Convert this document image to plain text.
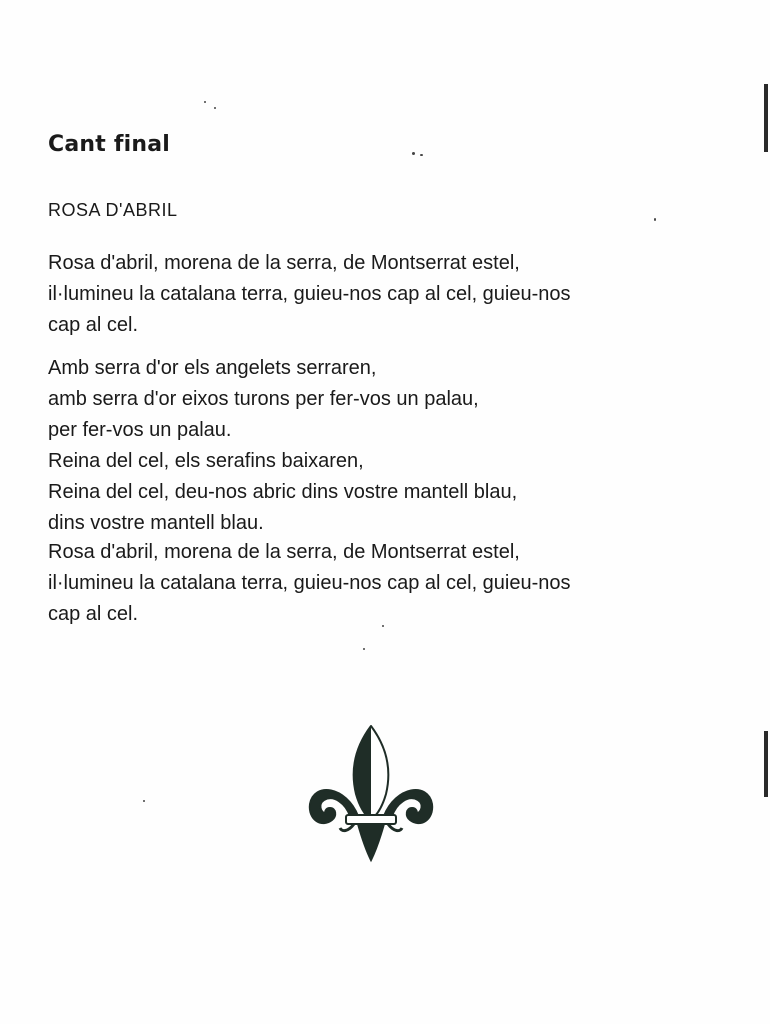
Cant final

ROSA D'ABRIL

Rosa d'abril, morena de la serra, de Montserrat estel,
il·lumineu la catalana terra, guieu-nos cap al cel, guieu-nos
cap al cel.

Amb serra d'or els angelets serraren,
amb serra d'or eixos turons per fer-vos un palau,
per fer-vos un palau.
Reina del cel, els serafins baixaren,
Reina del cel, deu-nos abric dins vostre mantell blau,
dins vostre mantell blau.

Rosa d'abril, morena de la serra, de Montserrat estel,
il·lumineu la catalana terra, guieu-nos cap al cel, guieu-nos
cap al cel.
